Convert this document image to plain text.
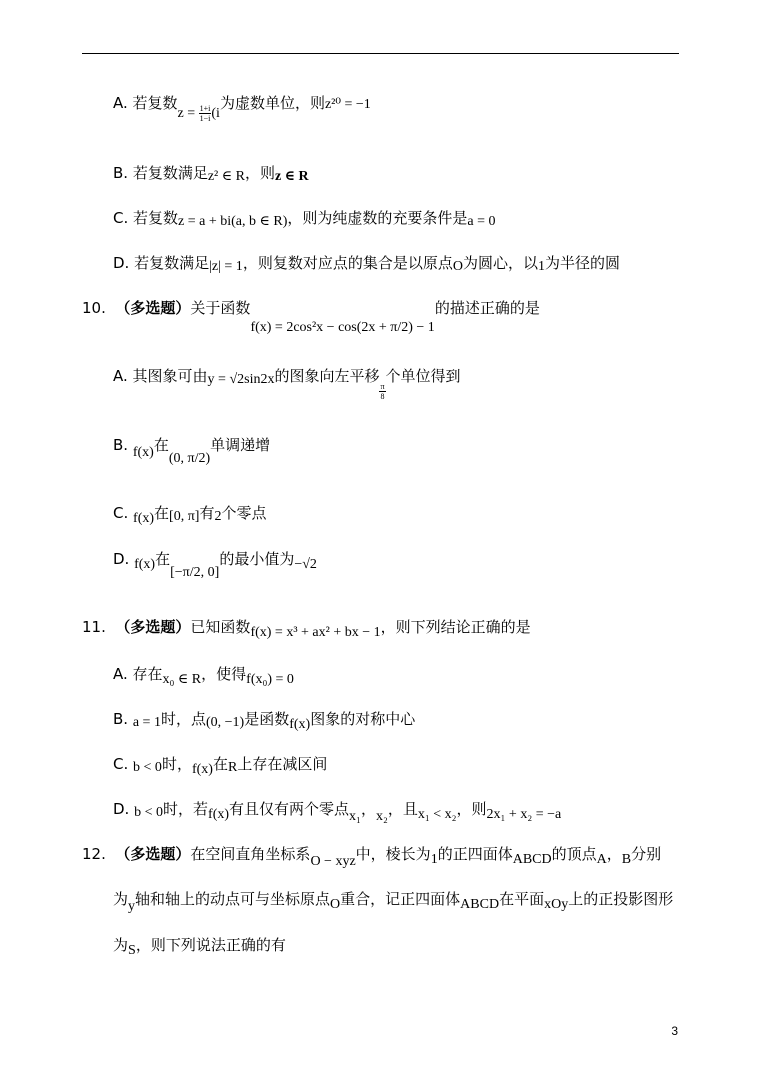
A. 若复数$z = \frac{1+i}{1-i} (i$为虚数单位，则z²⁰ = −1
B. 若复数满足z² ∈ R，则z ∈ R
C. 若复数z = a + bi(a, b ∈ R)，则为纯虚数的充要条件是a = 0
D. 若复数满足|z| = 1，则复数对应点的集合是以原点O为圆心，以1为半径的圆
10. （多选题）关于函数f(x) = 2cos²x − cos(2x + π/2) − 1的描述正确的是
A. 其图象可由y = √2sin2x的图象向左平移
$\frac{\pi}{8}$
个单位得到
B. f(x)在(0, π/2)单调递增
C. f(x)在[0, π]有2个零点
D. f(x)在[−π/2, 0]的最小值为−√2
11. （多选题）已知函数f(x) = x³ + ax² + bx − 1，则下列结论正确的是
A. 存在x₀ ∈ R，使得f(x₀) = 0
B. a = 1时，点(0, −1)是函数f(x)图象的对称中心
C. b < 0时，f(x)在R上存在减区间
D. b < 0时，若f(x)有且仅有两个零点x₁，x₂，且x₁ < x₂，则2x₁ + x₂ = −a
12. （多选题）在空间直角坐标系O − xyz中，棱长为1的正四面体ABCD的顶点A，B分别
为y轴和轴上的动点可与坐标原点O重合，记正四面体ABCD在平面xOy上的正投影图形
为S，则下列说法正确的有
3
